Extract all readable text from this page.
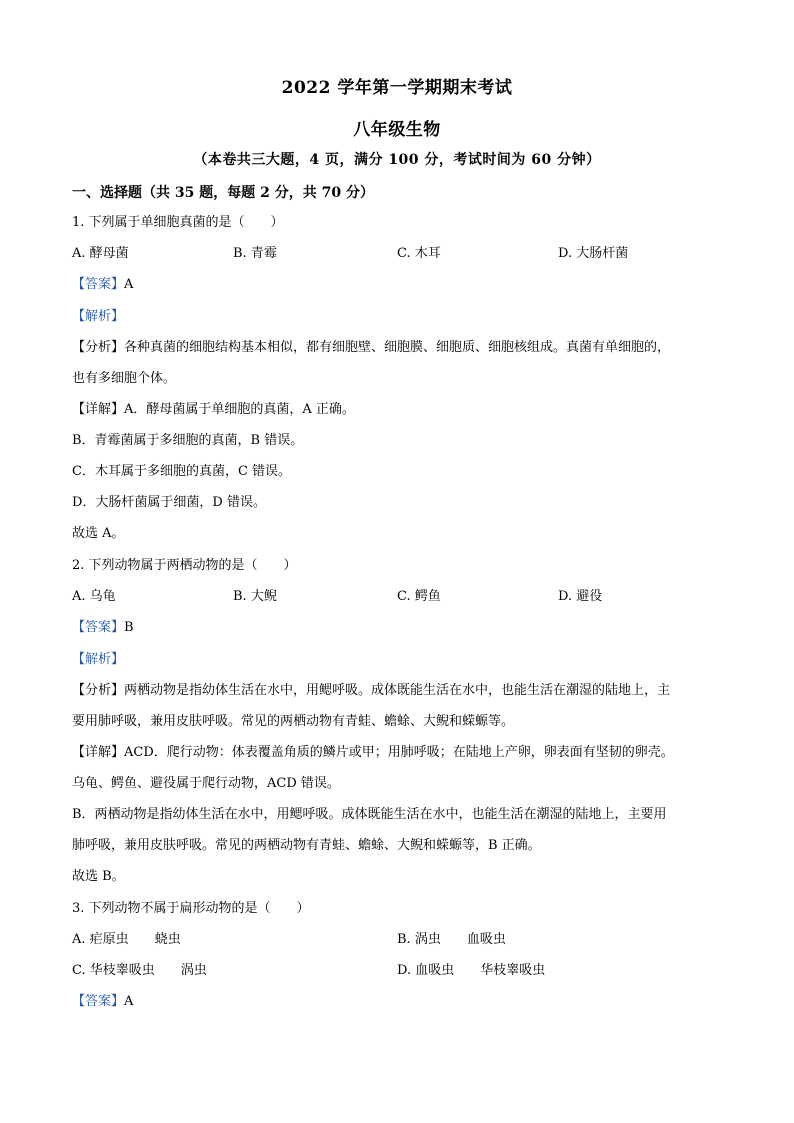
2022 学年第一学期期末考试
八年级生物
（本卷共三大题，4 页，满分 100 分，考试时间为 60 分钟）
一、选择题（共 35 题，每题 2 分，共 70 分）
1. 下列属于单细胞真菌的是（　　）
A. 酵母菌	B. 青霉	C. 木耳	D. 大肠杆菌
【答案】A
【解析】
【分析】各种真菌的细胞结构基本相似，都有细胞壁、细胞膜、细胞质、细胞核组成。真菌有单细胞的，
也有多细胞个体。
【详解】A．酵母菌属于单细胞的真菌，A 正确。
B．青霉菌属于多细胞的真菌，B 错误。
C．木耳属于多细胞的真菌，C 错误。
D．大肠杆菌属于细菌，D 错误。
故选 A。
2. 下列动物属于两栖动物的是（　　）
A. 乌龟	B. 大鲵	C. 鳄鱼	D. 避役
【答案】B
【解析】
【分析】两栖动物是指幼体生活在水中，用鳃呼吸。成体既能生活在水中，也能生活在潮湿的陆地上，主
要用肺呼吸，兼用皮肤呼吸。常见的两栖动物有青蛙、蟾蜍、大鲵和蝾螈等。
【详解】ACD．爬行动物：体表覆盖角质的鳞片或甲；用肺呼吸；在陆地上产卵，卵表面有坚韧的卵壳。
乌龟、鳄鱼、避役属于爬行动物，ACD 错误。
B．两栖动物是指幼体生活在水中，用鳃呼吸。成体既能生活在水中，也能生活在潮湿的陆地上，主要用
肺呼吸，兼用皮肤呼吸。常见的两栖动物有青蛙、蟾蜍、大鲵和蝾螈等，B 正确。
故选 B。
3. 下列动物不属于扁形动物的是（　　）
A. 疟原虫 蛲虫	B. 涡虫 血吸虫
C. 华枝睾吸虫 涡虫	D. 血吸虫 华枝睾吸虫
【答案】A
